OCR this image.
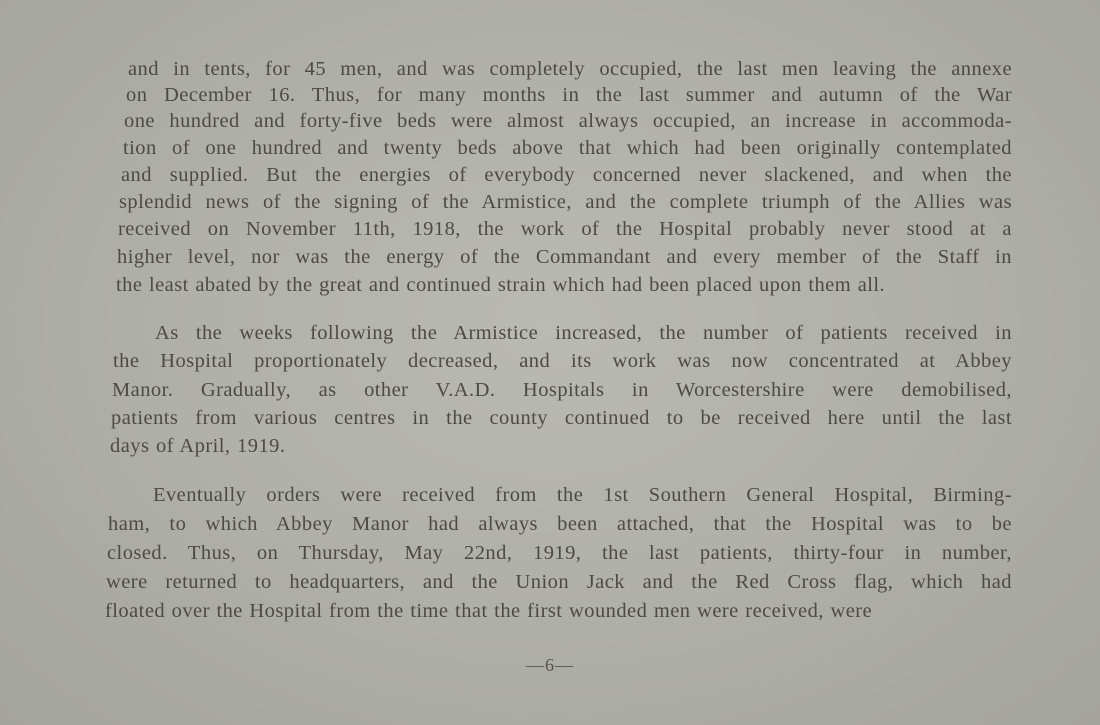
and in tents, for 45 men, and was completely occupied, the last men leaving the annexe
on December 16. Thus, for many months in the last summer and autumn of the War
one hundred and forty-five beds were almost always occupied, an increase in accommoda-
tion of one hundred and twenty beds above that which had been originally contemplated
and supplied. But the energies of everybody concerned never slackened, and when the
splendid news of the signing of the Armistice, and the complete triumph of the Allies was
received on November 11th, 1918, the work of the Hospital probably never stood at a
higher level, nor was the energy of the Commandant and every member of the Staff in
the least abated by the great and continued strain which had been placed upon them all.
As the weeks following the Armistice increased, the number of patients received in
the Hospital proportionately decreased, and its work was now concentrated at Abbey
Manor. Gradually, as other V.A.D. Hospitals in Worcestershire were demobilised,
patients from various centres in the county continued to be received here until the last
days of April, 1919.
Eventually orders were received from the 1st Southern General Hospital, Birming-
ham, to which Abbey Manor had always been attached, that the Hospital was to be
closed. Thus, on Thursday, May 22nd, 1919, the last patients, thirty-four in number,
were returned to headquarters, and the Union Jack and the Red Cross flag, which had
floated over the Hospital from the time that the first wounded men were received, were
—6—
